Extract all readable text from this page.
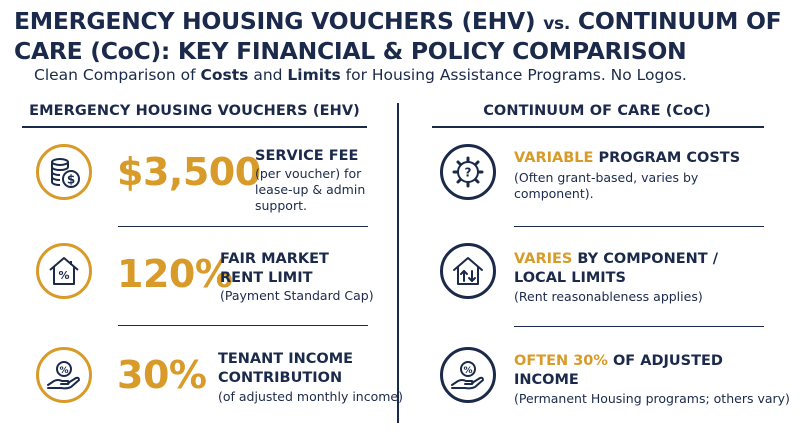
EMERGENCY HOUSING VOUCHERS (EHV) vs. CONTINUUM OF CARE (CoC): KEY FINANCIAL & POLICY COMPARISON
Clean Comparison of Costs and Limits for Housing Assistance Programs. No Logos.
EMERGENCY HOUSING VOUCHERS (EHV)	CONTINUUM OF CARE (CoC)
$ $3,500
SERVICE FEE
(per voucher) for lease-up & admin support.
% 120%
FAIR MARKET RENT LIMIT
(Payment Standard Cap)
% 30% TENANT INCOME CONTRIBUTION
(of adjusted monthly income)
?
VARIABLE PROGRAM COSTS
(Often grant-based, varies by component).
VARIES BY COMPONENT / LOCAL LIMITS
(Rent reasonableness applies)
%
OFTEN 30% OF ADJUSTED INCOME
(Permanent Housing programs; others vary)
